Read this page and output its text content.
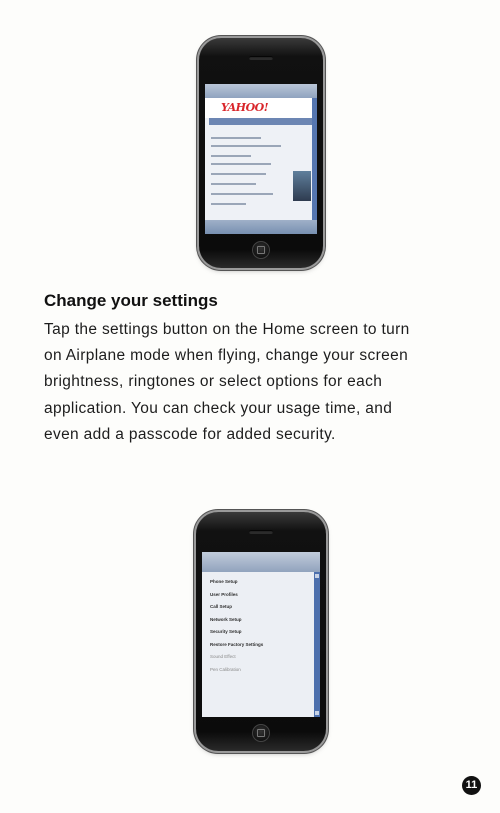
YAHOO!
Change your settings

Tap the settings button on the Home screen to turn
on Airplane mode when flying, change your screen
brightness, ringtones or select options for each
application. You can check your usage time, and
even add a passcode for added security.

Phone Setup
User Profiles
Call Setup
Network Setup
Security Setup
Restore Factory Settings
Sound Effect
Pen Calibration
11
